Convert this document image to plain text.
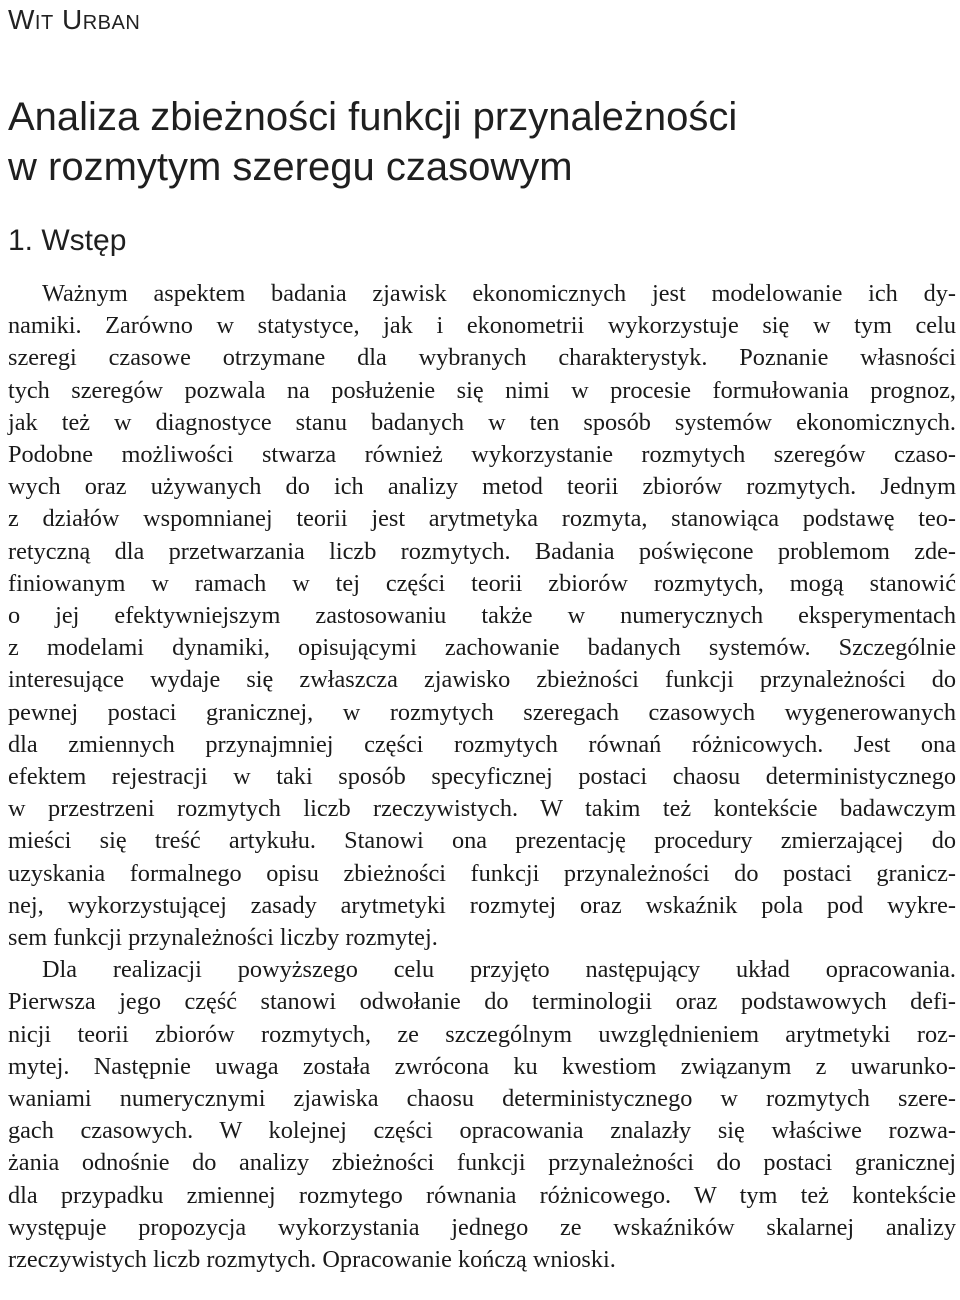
Wit Urban
Analiza zbieżności funkcji przynależności
w rozmytym szeregu czasowym
1. Wstęp
Ważnym aspektem badania zjawisk ekonomicznych jest modelowanie ich dy-
namiki. Zarówno w statystyce, jak i ekonometrii wykorzystuje się w tym celu
szeregi czasowe otrzymane dla wybranych charakterystyk. Poznanie własności
tych szeregów pozwala na posłużenie się nimi w procesie formułowania prognoz,
jak też w diagnostyce stanu badanych w ten sposób systemów ekonomicznych.
Podobne możliwości stwarza również wykorzystanie rozmytych szeregów czaso-
wych oraz używanych do ich analizy metod teorii zbiorów rozmytych. Jednym
z działów wspomnianej teorii jest arytmetyka rozmyta, stanowiąca podstawę teo-
retyczną dla przetwarzania liczb rozmytych. Badania poświęcone problemom zde-
finiowanym w ramach w tej części teorii zbiorów rozmytych, mogą stanowić
o jej efektywniejszym zastosowaniu także w numerycznych eksperymentach
z modelami dynamiki, opisującymi zachowanie badanych systemów. Szczególnie
interesujące wydaje się zwłaszcza zjawisko zbieżności funkcji przynależności do
pewnej postaci granicznej, w rozmytych szeregach czasowych wygenerowanych
dla zmiennych przynajmniej części rozmytych równań różnicowych. Jest ona
efektem rejestracji w taki sposób specyficznej postaci chaosu deterministycznego
w przestrzeni rozmytych liczb rzeczywistych. W takim też kontekście badawczym
mieści się treść artykułu. Stanowi ona prezentację procedury zmierzającej do
uzyskania formalnego opisu zbieżności funkcji przynależności do postaci granicz-
nej, wykorzystującej zasady arytmetyki rozmytej oraz wskaźnik pola pod wykre-
sem funkcji przynależności liczby rozmytej.
Dla realizacji powyższego celu przyjęto następujący układ opracowania.
Pierwsza jego część stanowi odwołanie do terminologii oraz podstawowych defi-
nicji teorii zbiorów rozmytych, ze szczególnym uwzględnieniem arytmetyki roz-
mytej. Następnie uwaga została zwrócona ku kwestiom związanym z uwarunko-
waniami numerycznymi zjawiska chaosu deterministycznego w rozmytych szere-
gach czasowych. W kolejnej części opracowania znalazły się właściwe rozwa-
żania odnośnie do analizy zbieżności funkcji przynależności do postaci granicznej
dla przypadku zmiennej rozmytego równania różnicowego. W tym też kontekście
występuje propozycja wykorzystania jednego ze wskaźników skalarnej analizy
rzeczywistych liczb rozmytych. Opracowanie kończą wnioski.
